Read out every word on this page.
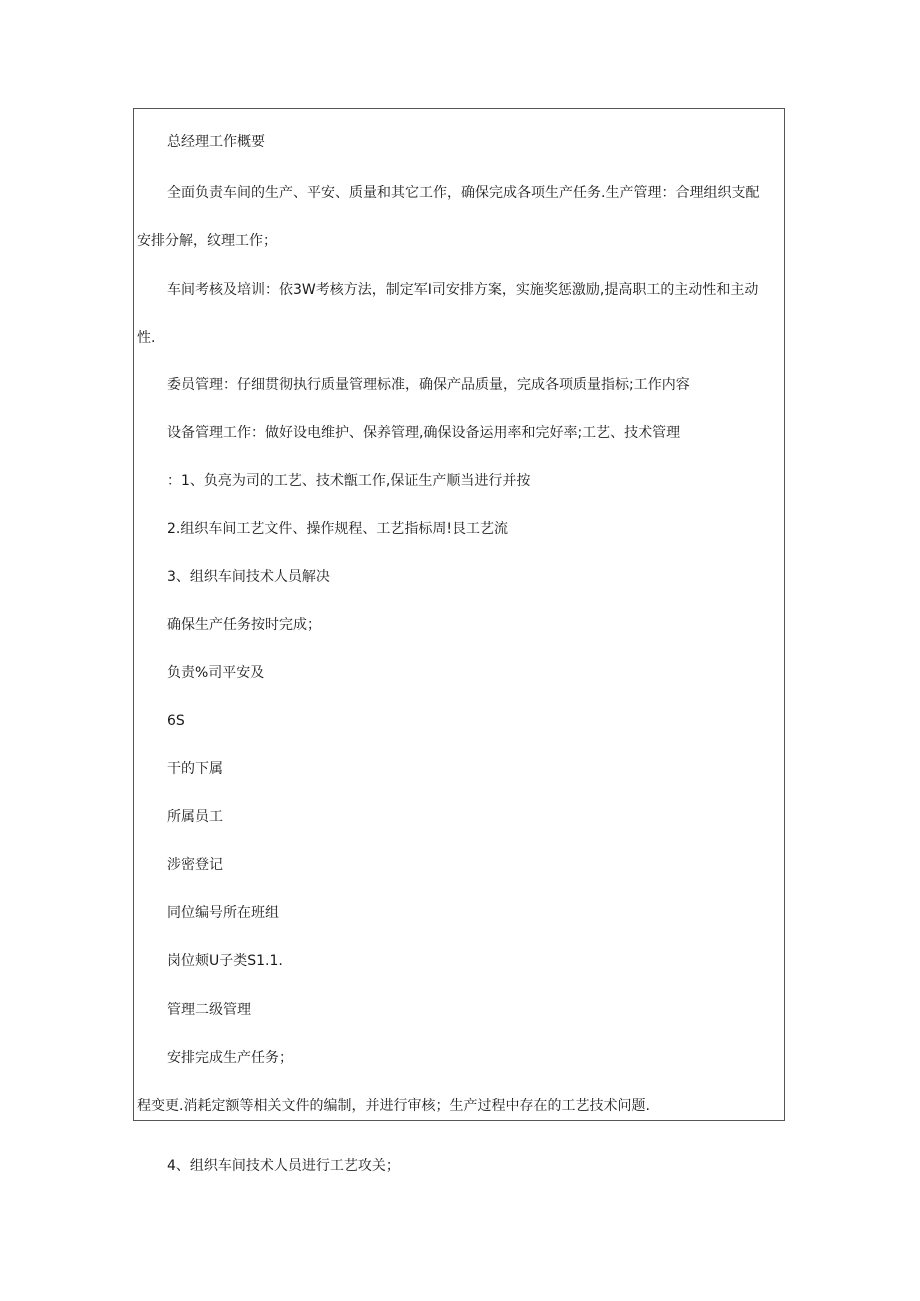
总经理工作概要
全面负责车间的生产、平安、质量和其它工作，确保完成各项生产任务.生产管理：合理组织支配
安排分解，纹理工作；
车间考核及培训：依3W考核方法，制定军I司安排方案，实施奖惩激励,提高职工的主动性和主动
性.
委员管理：仔细贯彻执行质量管理标准，确保产品质量，完成各项质量指标;工作内容
设备管理工作：做好设电维护、保养管理,确保设备运用率和完好率;工艺、技术管理
：1、负亮为司的工艺、技术甑工作,保证生产顺当进行并按
2.组织车间工艺文件、操作规程、工艺指标周!艮工艺流
3、组织车间技术人员解决
确保生产任务按时完成；
负责%司平安及
6S
干的下属
所属员工
涉密登记
同位编号所在班组
岗位颊U子类S1.1.
管理二级管理
安排完成生产任务；
程变更.消耗定额等相关文件的编制，并进行审核；生产过程中存在的工艺技术问题.
4、组织车间技术人员进行工艺攻关；
